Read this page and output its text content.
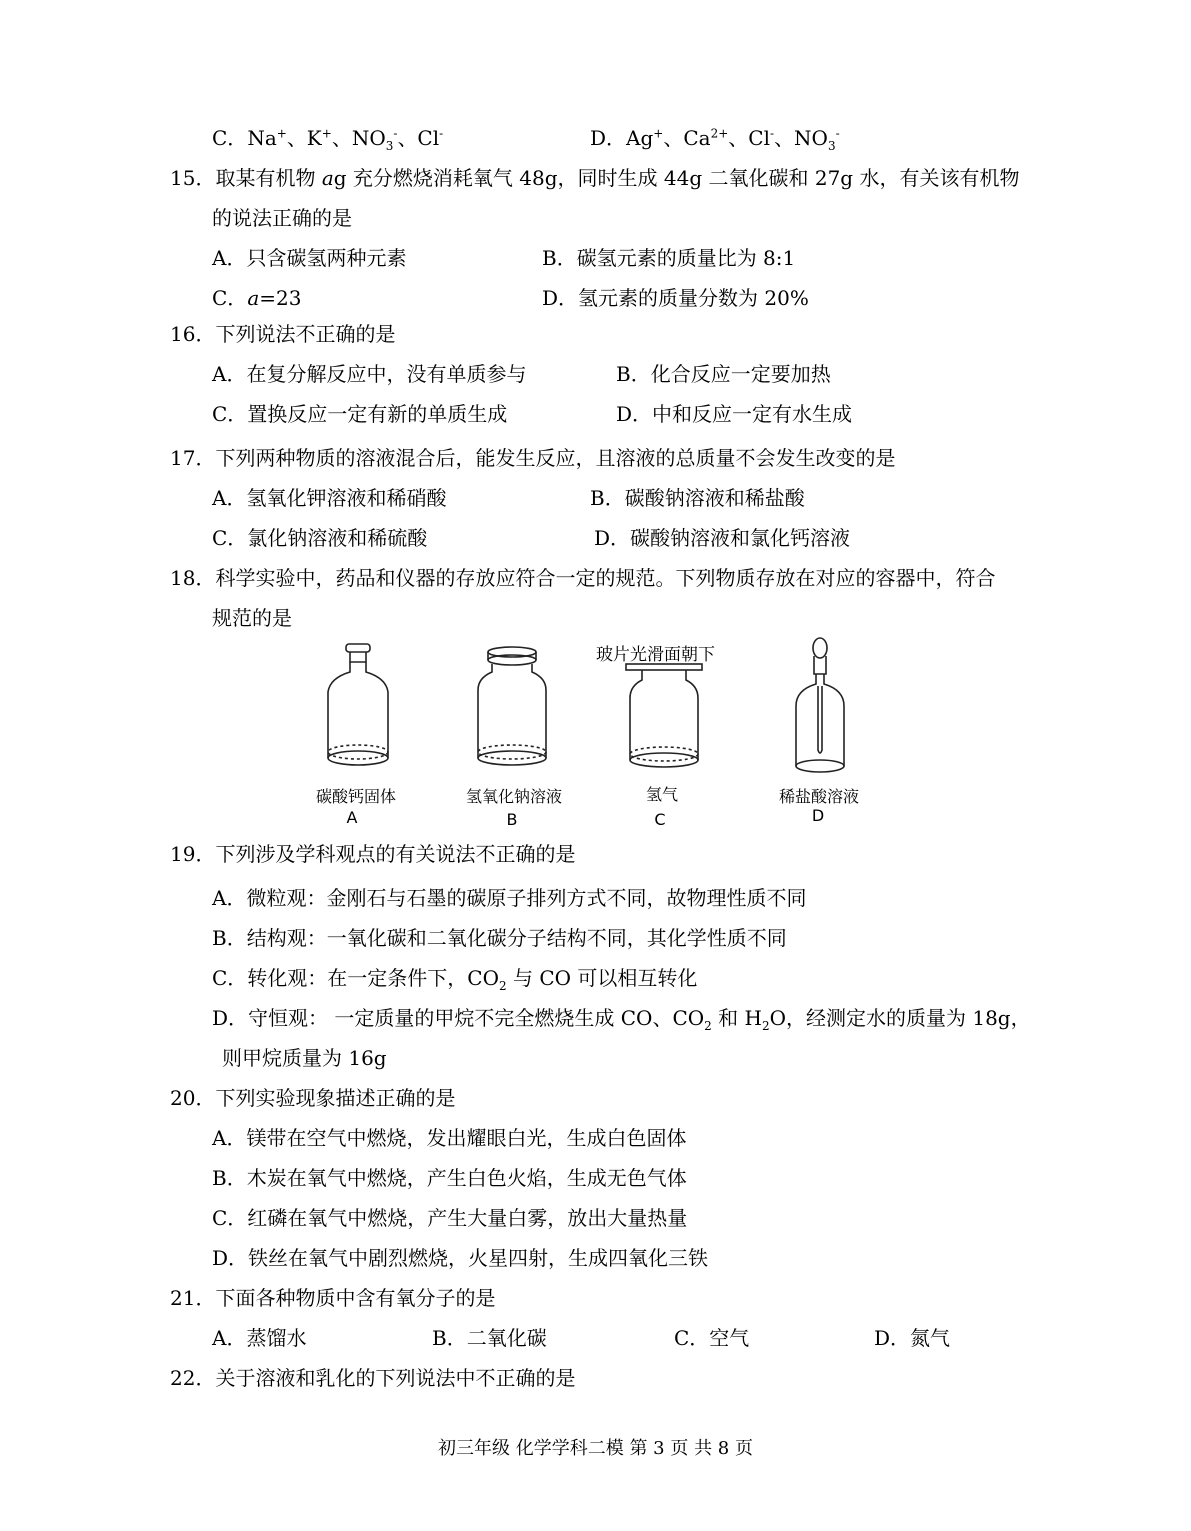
C．Na+、K+、$NO_3^-$、Cl-	D．Ag+、$Ca^{2+}$、Cl-、$NO_3^-$
15．取某有机物 ag 充分燃烧消耗氧气 48g，同时生成 44g 二氧化碳和 27g 水，有关该有机物
的说法正确的是
A．只含碳氢两种元素	B．碳氢元素的质量比为 8:1
C．a=23	D．氢元素的质量分数为 20%
16．下列说法不正确的是
A．在复分解反应中，没有单质参与	B．化合反应一定要加热
C．置换反应一定有新的单质生成	D．中和反应一定有水生成
17．下列两种物质的溶液混合后，能发生反应，且溶液的总质量不会发生改变的是
A．氢氧化钾溶液和稀硝酸	B．碳酸钠溶液和稀盐酸
C．氯化钠溶液和稀硫酸	D．碳酸钠溶液和氯化钙溶液
18．科学实验中，药品和仪器的存放应符合一定的规范。下列物质存放在对应的容器中，符合
规范的是
玻片光滑面朝下
碳酸钙固体	氢氧化钠溶液	氢气	稀盐酸溶液
A	B	C	D
19．下列涉及学科观点的有关说法不正确的是
A．微粒观：金刚石与石墨的碳原子排列方式不同，故物理性质不同
B．结构观：一氧化碳和二氧化碳分子结构不同，其化学性质不同
C．转化观：在一定条件下，$CO_2$ 与 CO 可以相互转化
D．守恒观： 一定质量的甲烷不完全燃烧生成 CO、$CO_2$ 和 $H_2O$，经测定水的质量为 18g，
则甲烷质量为 16g
20．下列实验现象描述正确的是
A．镁带在空气中燃烧，发出耀眼白光，生成白色固体
B．木炭在氧气中燃烧，产生白色火焰，生成无色气体
C．红磷在氧气中燃烧，产生大量白雾，放出大量热量
D．铁丝在氧气中剧烈燃烧，火星四射，生成四氧化三铁
21．下面各种物质中含有氧分子的是
A．蒸馏水	B．二氧化碳	C．空气	D．氮气
22．关于溶液和乳化的下列说法中不正确的是
初三年级 化学学科二模 第 3 页 共 8 页
